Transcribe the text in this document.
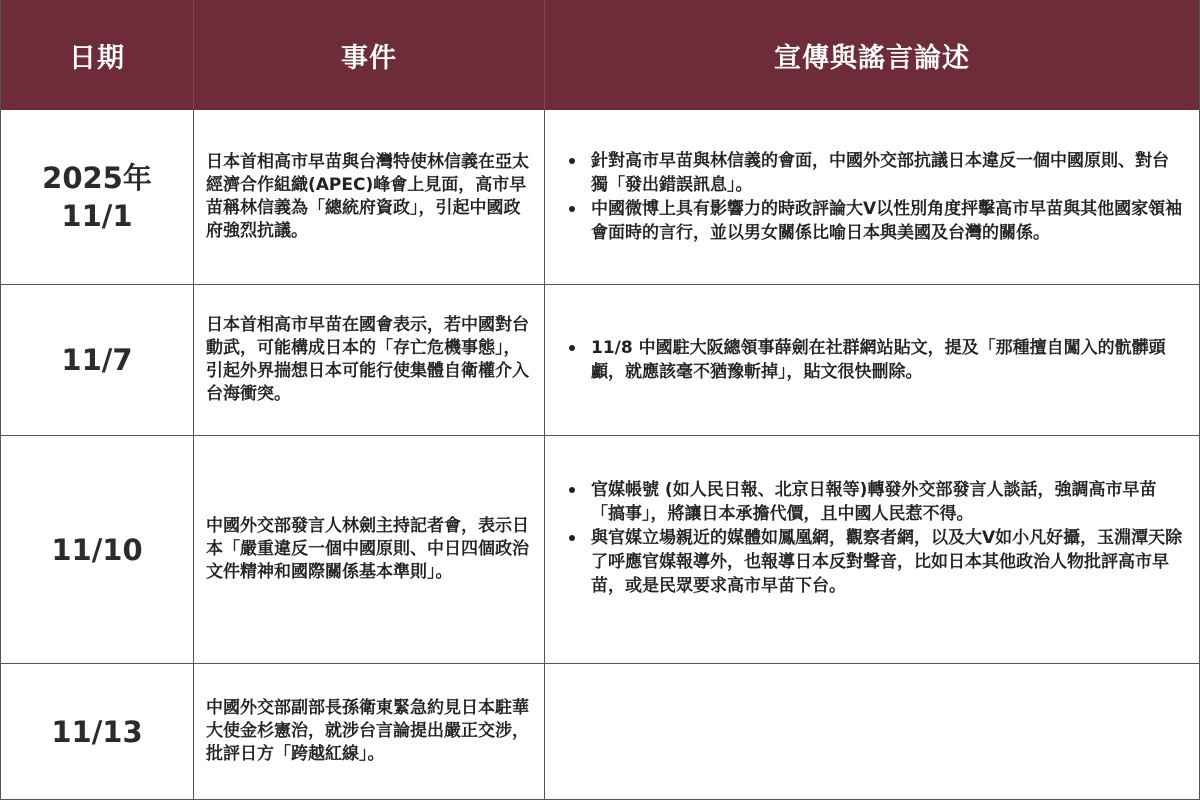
日期	事件	宣傳與謠言論述
2025年
11/1
日本首相高市早苗與台灣特使林信義在亞太經濟合作組織(APEC)峰會上見面，高市早苗稱林信義為「總統府資政」，引起中國政府強烈抗議。
針對高市早苗與林信義的會面，中國外交部抗議日本違反一個中國原則、對台獨「發出錯誤訊息」。
中國微博上具有影響力的時政評論大V以性別角度抨擊高市早苗與其他國家領袖會面時的言行，並以男女關係比喻日本與美國及台灣的關係。
11/7
日本首相高市早苗在國會表示，若中國對台動武，可能構成日本的「存亡危機事態」，引起外界揣想日本可能行使集體自衛權介入台海衝突。
11/8 中國駐大阪總領事薛劍在社群網站貼文，提及「那種擅自闖入的骯髒頭顱，就應該毫不猶豫斬掉」，貼文很快刪除。
11/10
中國外交部發言人林劍主持記者會，表示日本「嚴重違反一個中國原則、中日四個政治文件精神和國際關係基本準則」。
官媒帳號 (如人民日報、北京日報等)轉發外交部發言人談話，強調高市早苗「搞事」，將讓日本承擔代價，且中國人民惹不得。
與官媒立場親近的媒體如鳳凰網，觀察者網，以及大V如小凡好攝，玉淵潭天除了呼應官媒報導外，也報導日本反對聲音，比如日本其他政治人物批評高市早苗，或是民眾要求高市早苗下台。
11/13
中國外交部副部長孫衛東緊急約見日本駐華大使金杉憲治，就涉台言論提出嚴正交涉，批評日方「跨越紅線」。
